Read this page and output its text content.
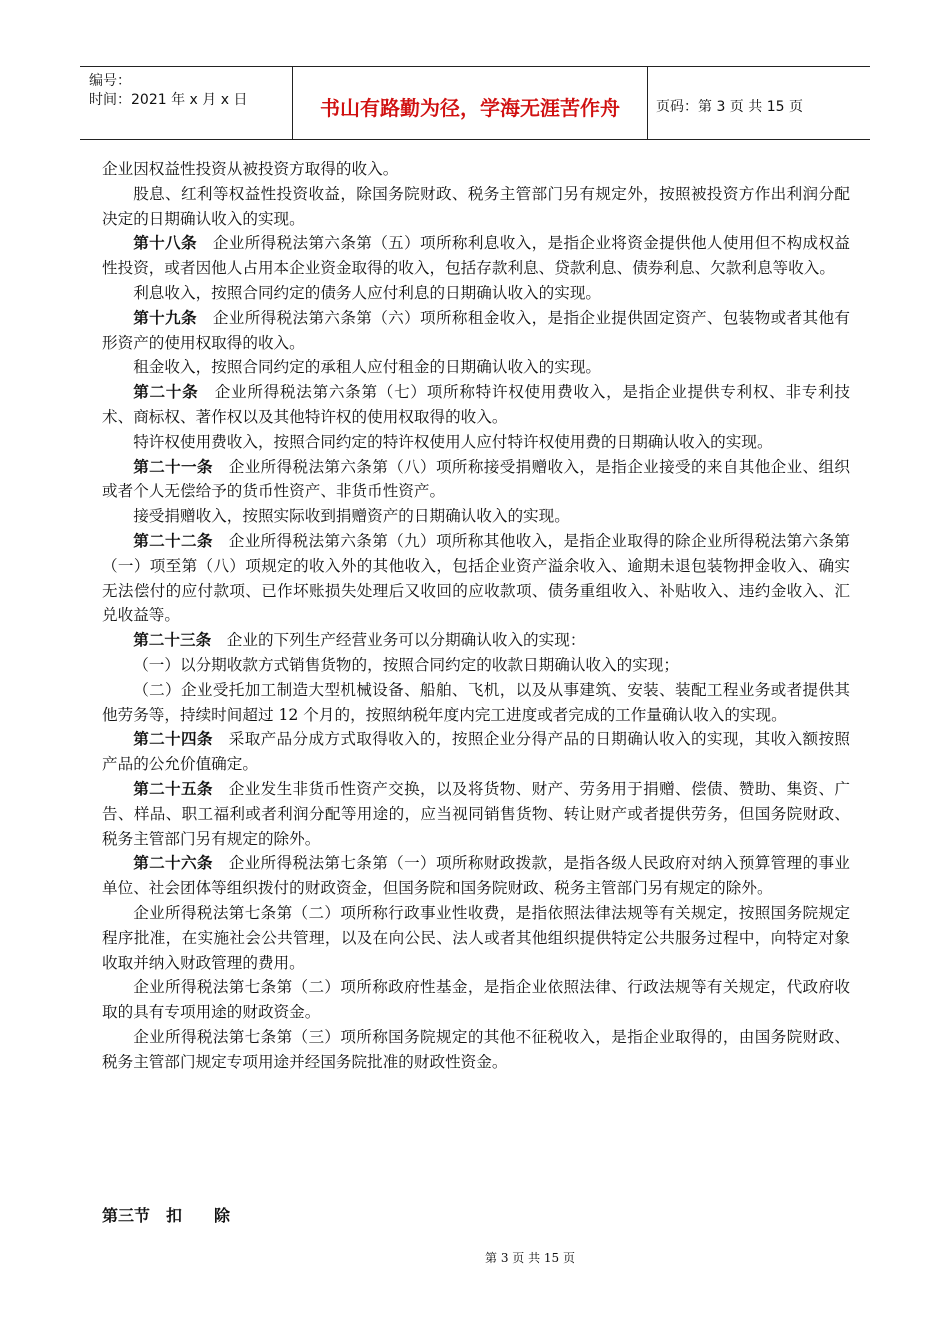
编号：
时间：2021 年 x 月 x 日	书山有路勤为径，学海无涯苦作舟	页码：第 3 页 共 15 页

企业因权益性投资从被投资方取得的收入。

股息、红利等权益性投资收益，除国务院财政、税务主管部门另有规定外，按照被投资方作出利润分配决定的日期确认收入的实现。

第十八条　企业所得税法第六条第（五）项所称利息收入，是指企业将资金提供他人使用但不构成权益性投资，或者因他人占用本企业资金取得的收入，包括存款利息、贷款利息、债券利息、欠款利息等收入。

利息收入，按照合同约定的债务人应付利息的日期确认收入的实现。

第十九条　企业所得税法第六条第（六）项所称租金收入，是指企业提供固定资产、包装物或者其他有形资产的使用权取得的收入。

租金收入，按照合同约定的承租人应付租金的日期确认收入的实现。

第二十条　企业所得税法第六条第（七）项所称特许权使用费收入，是指企业提供专利权、非专利技术、商标权、著作权以及其他特许权的使用权取得的收入。

特许权使用费收入，按照合同约定的特许权使用人应付特许权使用费的日期确认收入的实现。

第二十一条　企业所得税法第六条第（八）项所称接受捐赠收入，是指企业接受的来自其他企业、组织或者个人无偿给予的货币性资产、非货币性资产。

接受捐赠收入，按照实际收到捐赠资产的日期确认收入的实现。

第二十二条　企业所得税法第六条第（九）项所称其他收入，是指企业取得的除企业所得税法第六条第（一）项至第（八）项规定的收入外的其他收入，包括企业资产溢余收入、逾期未退包装物押金收入、确实无法偿付的应付款项、已作坏账损失处理后又收回的应收款项、债务重组收入、补贴收入、违约金收入、汇兑收益等。

第二十三条　企业的下列生产经营业务可以分期确认收入的实现：

（一）以分期收款方式销售货物的，按照合同约定的收款日期确认收入的实现；

（二）企业受托加工制造大型机械设备、船舶、飞机，以及从事建筑、安装、装配工程业务或者提供其他劳务等，持续时间超过 12 个月的，按照纳税年度内完工进度或者完成的工作量确认收入的实现。

第二十四条　采取产品分成方式取得收入的，按照企业分得产品的日期确认收入的实现，其收入额按照产品的公允价值确定。

第二十五条　企业发生非货币性资产交换，以及将货物、财产、劳务用于捐赠、偿债、赞助、集资、广告、样品、职工福利或者利润分配等用途的，应当视同销售货物、转让财产或者提供劳务，但国务院财政、税务主管部门另有规定的除外。

第二十六条　企业所得税法第七条第（一）项所称财政拨款，是指各级人民政府对纳入预算管理的事业单位、社会团体等组织拨付的财政资金，但国务院和国务院财政、税务主管部门另有规定的除外。

企业所得税法第七条第（二）项所称行政事业性收费，是指依照法律法规等有关规定，按照国务院规定程序批准，在实施社会公共管理，以及在向公民、法人或者其他组织提供特定公共服务过程中，向特定对象收取并纳入财政管理的费用。

企业所得税法第七条第（二）项所称政府性基金，是指企业依照法律、行政法规等有关规定，代政府收取的具有专项用途的财政资金。

企业所得税法第七条第（三）项所称国务院规定的其他不征税收入，是指企业取得的，由国务院财政、税务主管部门规定专项用途并经国务院批准的财政性资金。

第三节　扣　　除
第 3 页 共 15 页
